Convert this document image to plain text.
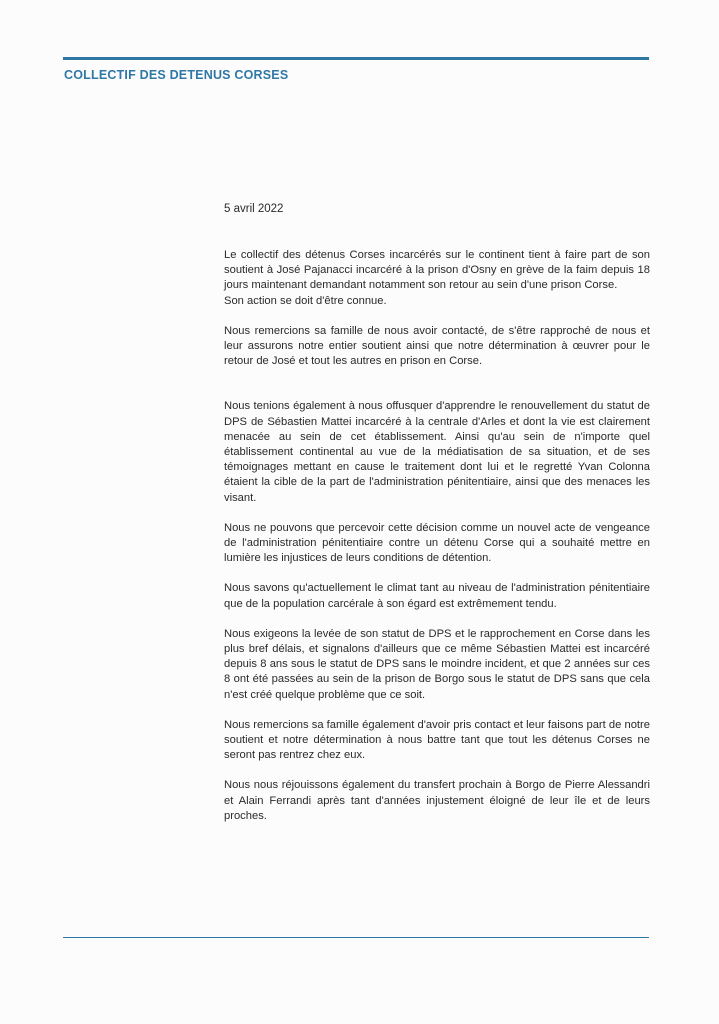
COLLECTIF DES DETENUS CORSES
5 avril 2022

Le collectif des détenus Corses incarcérés sur le continent tient à faire part de son soutient à José Pajanacci incarcéré à la prison d'Osny en grève de la faim depuis 18 jours maintenant demandant notamment son retour au sein d'une prison Corse.

Son action se doit d'être connue.

Nous remercions sa famille de nous avoir contacté, de s'être rapproché de nous et leur assurons notre entier soutient ainsi que notre détermination à œuvrer pour le retour de José et tout les autres en prison en Corse.

Nous tenions également à nous offusquer d'apprendre le renouvellement du statut de DPS de Sébastien Mattei incarcéré à la centrale d'Arles et dont la vie est clairement menacée au sein de cet établissement. Ainsi qu'au sein de n'importe quel établissement continental au vue de la médiatisation de sa situation, et de ses témoignages mettant en cause le traitement dont lui et le regretté Yvan Colonna étaient la cible de la part de l'administration pénitentiaire, ainsi que des menaces les visant.

Nous ne pouvons que percevoir cette décision comme un nouvel acte de vengeance de l'administration pénitentiaire contre un détenu Corse qui a souhaité mettre en lumière les injustices de leurs conditions de détention.

Nous savons qu'actuellement le climat tant au niveau de l'administration pénitentiaire que de la population carcérale à son égard est extrêmement tendu.

Nous exigeons la levée de son statut de DPS et le rapprochement en Corse dans les plus bref délais, et signalons d'ailleurs que ce même Sébastien Mattei est incarcéré depuis 8 ans sous le statut de DPS sans le moindre incident, et que 2 années sur ces 8 ont été passées au sein de la prison de Borgo sous le statut de DPS sans que cela n'est créé quelque problème que ce soit.

Nous remercions sa famille également d'avoir pris contact et leur faisons part de notre soutient et notre détermination à nous battre tant que tout les détenus Corses ne seront pas rentrez chez eux.

Nous nous réjouissons également du transfert prochain à Borgo de Pierre Alessandri et Alain Ferrandi après tant d'années injustement éloigné de leur île et de leurs proches.
